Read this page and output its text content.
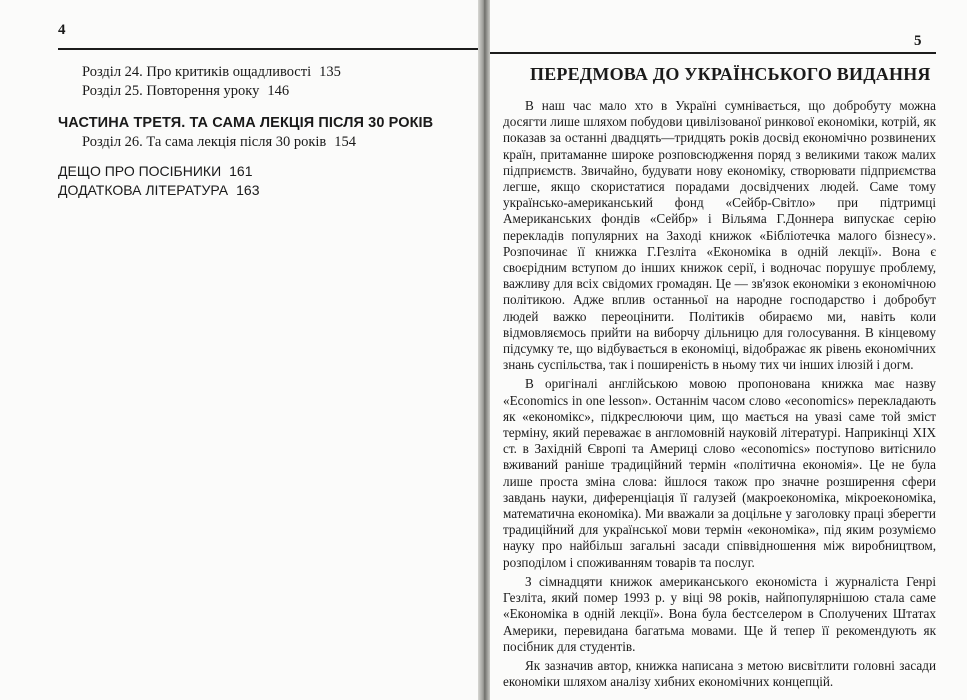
4
Розділ 24. Про критиків ощадливості 135
Розділ 25. Повторення уроку 146
ЧАСТИНА ТРЕТЯ. ТА САМА ЛЕКЦІЯ ПІСЛЯ 30 РОКІВ
Розділ 26. Та сама лекція після 30 років 154
ДЕЩО ПРО ПОСІБНИКИ 161
ДОДАТКОВА ЛІТЕРАТУРА 163
5
ПЕРЕДМОВА ДО УКРАЇНСЬКОГО ВИДАННЯ

В наш час мало хто в Україні сумнівається, що добробуту можна досягти лише шляхом побудови цивілізованої ринкової економіки, котрій, як показав за останні двадцять—тридцять років досвід економічно розвинених країн, притаманне широке розповсюдження поряд з великими також малих підприємств. Звичайно, будувати нову економіку, створювати підприємства легше, якщо скористатися порадами досвідчених людей. Саме тому українсько-американський фонд «Сейбр-Світло» при підтримці Американських фондів «Сейбр» і Вільяма Г.Доннера випускає серію перекладів популярних на Заході книжок «Бібліотечка малого бізнесу». Розпочинає її книжка Г.Гезліта «Економіка в одній лекції». Вона є своєрідним вступом до інших книжок серії, і водночас порушує проблему, важливу для всіх свідомих громадян. Це — зв'язок економіки з економічною політикою. Адже вплив останньої на народне господарство і добробут людей важко переоцінити. Політиків обираємо ми, навіть коли відмовляємось прийти на виборчу дільницю для голосування. В кінцевому підсумку те, що відбувається в економіці, відображає як рівень економічних знань суспільства, так і поширеність в ньому тих чи інших ілюзій і догм.

В оригіналі англійською мовою пропонована книжка має назву «Economics in one lesson». Останнім часом слово «economics» перекладають як «економікс», підкреслюючи цим, що мається на увазі саме той зміст терміну, який переважає в англомовній науковій літературі. Наприкінці XIX ст. в Західній Європі та Америці слово «economics» поступово витіснило вживаний раніше традиційний термін «політична економія». Це не була лише проста зміна слова: йшлося також про значне розширення сфери завдань науки, диференціація її галузей (макроекономіка, мікроекономіка, математична економіка). Ми вважали за доцільне у заголовку праці зберегти традиційний для української мови термін «економіка», під яким розуміємо науку про найбільш загальні засади співвідношення між виробництвом, розподілом і споживанням товарів та послуг.

З сімнадцяти книжок американського економіста і журналіста Генрі Гезліта, який помер 1993 р. у віці 98 років, найпопулярнішою стала саме «Економіка в одній лекції». Вона була бестселером в Сполучених Штатах Америки, перевидана багатьма мовами. Ще й тепер її рекомендують як посібник для студентів.

Як зазначив автор, книжка написана з метою висвітлити головні засади економіки шляхом аналізу хибних економічних концепцій.
